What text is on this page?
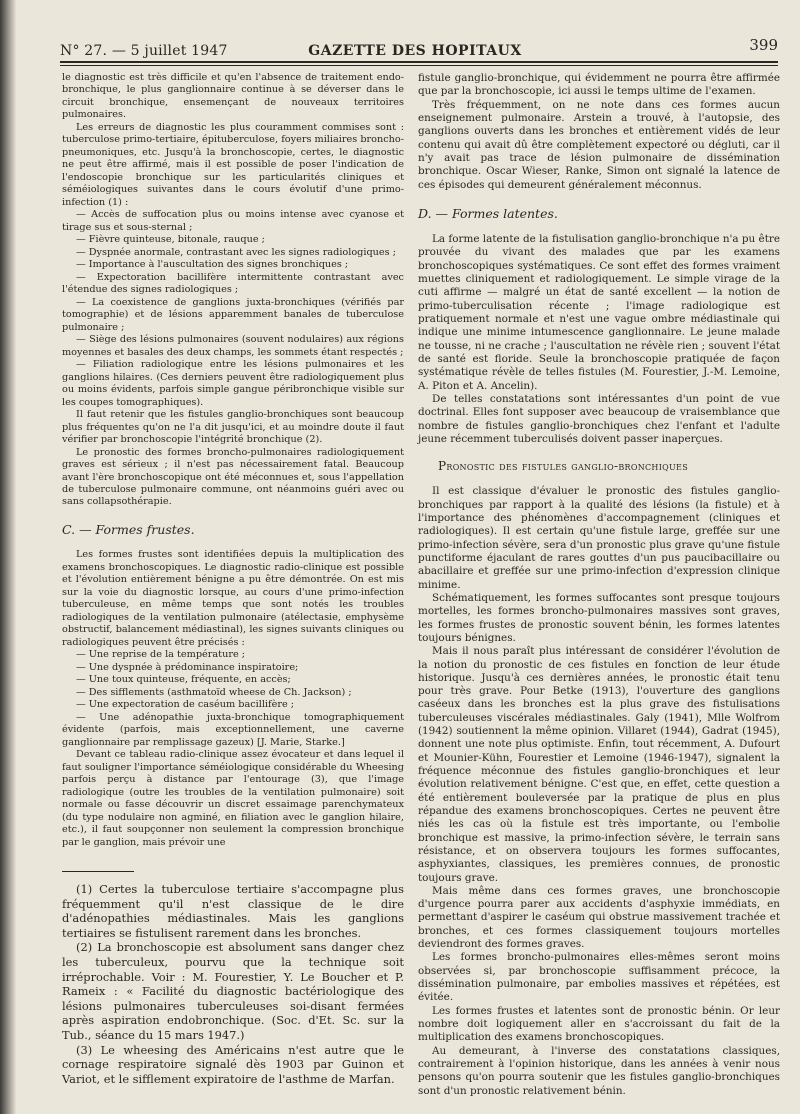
N° 27. — 5 juillet 1947	GAZETTE DES HOPITAUX	399

le diagnostic est très difficile et qu'en l'absence de traitement endo-bronchique, le plus ganglionnaire continue à se déverser dans le circuit bronchique, ensemençant de nouveaux territoires pulmonaires.

Les erreurs de diagnostic les plus couramment commises sont : tuberculose primo-tertiaire, épituberculose, foyers miliaires broncho-pneumoniques, etc. Jusqu'à la bronchoscopie, certes, le diagnostic ne peut être affirmé, mais il est possible de poser l'indication de l'endoscopie bronchique sur les particularités cliniques et séméiologiques suivantes dans le cours évolutif d'une primo-infection (1) :

— Accès de suffocation plus ou moins intense avec cyanose et tirage sus et sous-sternal ;

— Fièvre quinteuse, bitonale, rauque ;

— Dyspnée anormale, contrastant avec les signes radiologiques ;

— Importance à l'auscultation des signes bronchiques ;

— Expectoration bacillifère intermittente contrastant avec l'étendue des signes radiologiques ;

— La coexistence de ganglions juxta-bronchiques (vérifiés par tomographie) et de lésions apparemment banales de tuberculose pulmonaire ;

— Siège des lésions pulmonaires (souvent nodulaires) aux régions moyennes et basales des deux champs, les sommets étant respectés ;

— Filiation radiologique entre les lésions pulmonaires et les ganglions hilaires. (Ces derniers peuvent être radiologiquement plus ou moins évidents, parfois simple gangue péribronchique visible sur les coupes tomographiques).

Il faut retenir que les fistules ganglio-bronchiques sont beaucoup plus fréquentes qu'on ne l'a dit jusqu'ici, et au moindre doute il faut vérifier par bronchoscopie l'intégrité bronchique (2).

Le pronostic des formes broncho-pulmonaires radiologiquement graves est sérieux ; il n'est pas nécessairement fatal. Beaucoup avant l'ère bronchoscopique ont été méconnues et, sous l'appellation de tuberculose pulmonaire commune, ont néanmoins guéri avec ou sans collapsothérapie.

C. — Formes frustes.

Les formes frustes sont identifiées depuis la multiplication des examens bronchoscopiques. Le diagnostic radio-clinique est possible et l'évolution entièrement bénigne a pu être démontrée. On est mis sur la voie du diagnostic lorsque, au cours d'une primo-infection tuberculeuse, en même temps que sont notés les troubles radiologiques de la ventilation pulmonaire (atélectasie, emphysème obstructif, balancement médiastinal), les signes suivants cliniques ou radiologiques peuvent être précisés :

— Une reprise de la température ;

— Une dyspnée à prédominance inspiratoire;

— Une toux quinteuse, fréquente, en accès;

— Des sifflements (asthmatoïd wheese de Ch. Jackson) ;

— Une expectoration de caséum bacillifère ;

— Une adénopathie juxta-bronchique tomographiquement évidente (parfois, mais exceptionnellement, une caverne ganglionnaire par remplissage gazeux) [J. Marie, Starke.]

Devant ce tableau radio-clinique assez évocateur et dans lequel il faut souligner l'importance séméiologique considérable du Wheesing parfois perçu à distance par l'entourage (3), que l'image radiologique (outre les troubles de la ventilation pulmonaire) soit normale ou fasse découvrir un discret essaimage parenchymateux (du type nodulaire non agminé, en filiation avec le ganglion hilaire, etc.), il faut soupçonner non seulement la compression bronchique par le ganglion, mais prévoir une

(1) Certes la tuberculose tertiaire s'accompagne plus fréquemment qu'il n'est classique de le dire d'adénopathies médiastinales. Mais les ganglions tertiaires se fistulisent rarement dans les bronches.

(2) La bronchoscopie est absolument sans danger chez les tuberculeux, pourvu que la technique soit irréprochable. Voir : M. Fourestier, Y. Le Boucher et P. Rameix : « Facilité du diagnostic bactériologique des lésions pulmonaires tuberculeuses soi-disant fermées après aspiration endobronchique. (Soc. d'Et. Sc. sur la Tub., séance du 15 mars 1947.)

(3) Le wheesing des Américains n'est autre que le cornage respiratoire signalé dès 1903 par Guinon et Variot, et le sifflement expiratoire de l'asthme de Marfan.

fistule ganglio-bronchique, qui évidemment ne pourra être affirmée que par la bronchoscopie, ici aussi le temps ultime de l'examen.

Très fréquemment, on ne note dans ces formes aucun enseignement pulmonaire. Arstein a trouvé, à l'autopsie, des ganglions ouverts dans les bronches et entièrement vidés de leur contenu qui avait dû être complètement expectoré ou dégluti, car il n'y avait pas trace de lésion pulmonaire de dissémination bronchique. Oscar Wieser, Ranke, Simon ont signalé la latence de ces épisodes qui demeurent généralement méconnus.

D. — Formes latentes.

La forme latente de la fistulisation ganglio-bronchique n'a pu être prouvée du vivant des malades que par les examens bronchoscopiques systématiques. Ce sont effet des formes vraiment muettes cliniquement et radiologiquement. Le simple virage de la cuti affirme — malgré un état de santé excellent — la notion de primo-tuberculisation récente ; l'image radiologique est pratiquement normale et n'est une vague ombre médiastinale qui indique une minime intumescence ganglionnaire. Le jeune malade ne tousse, ni ne crache ; l'auscultation ne révèle rien ; souvent l'état de santé est floride. Seule la bronchoscopie pratiquée de façon systématique révèle de telles fistules (M. Fourestier, J.-M. Lemoine, A. Piton et A. Ancelin).

De telles constatations sont intéressantes d'un point de vue doctrinal. Elles font supposer avec beaucoup de vraisemblance que nombre de fistules ganglio-bronchiques chez l'enfant et l'adulte jeune récemment tuberculisés doivent passer inaperçues.

Pronostic des fistules ganglio-bronchiques

Il est classique d'évaluer le pronostic des fistules ganglio-bronchiques par rapport à la qualité des lésions (la fistule) et à l'importance des phénomènes d'accompagnement (cliniques et radiologiques). Il est certain qu'une fistule large, greffée sur une primo-infection sévère, sera d'un pronostic plus grave qu'une fistule punctiforme éjaculant de rares gouttes d'un pus paucibacillaire ou abacillaire et greffée sur une primo-infection d'expression clinique minime.

Schématiquement, les formes suffocantes sont presque toujours mortelles, les formes broncho-pulmonaires massives sont graves, les formes frustes de pronostic souvent bénin, les formes latentes toujours bénignes.

Mais il nous paraît plus intéressant de considérer l'évolution de la notion du pronostic de ces fistules en fonction de leur étude historique. Jusqu'à ces dernières années, le pronostic était tenu pour très grave. Pour Betke (1913), l'ouverture des ganglions caséeux dans les bronches est la plus grave des fistulisations tuberculeuses viscérales médiastinales. Galy (1941), Mlle Wolfrom (1942) soutiennent la même opinion. Villaret (1944), Gadrat (1945), donnent une note plus optimiste. Enfin, tout récemment, A. Dufourt et Mounier-Kühn, Fourestier et Lemoine (1946-1947), signalent la fréquence méconnue des fistules ganglio-bronchiques et leur évolution relativement bénigne. C'est que, en effet, cette question a été entièrement bouleversée par la pratique de plus en plus répandue des examens bronchoscopiques. Certes ne peuvent être niés les cas où la fistule est très importante, ou l'embolie bronchique est massive, la primo-infection sévère, le terrain sans résistance, et on observera toujours les formes suffocantes, asphyxiantes, classiques, les premières connues, de pronostic toujours grave.

Mais même dans ces formes graves, une bronchoscopie d'urgence pourra parer aux accidents d'asphyxie immédiats, en permettant d'aspirer le caséum qui obstrue massivement trachée et bronches, et ces formes classiquement toujours mortelles deviendront des formes graves.

Les formes broncho-pulmonaires elles-mêmes seront moins observées si, par bronchoscopie suffisamment précoce, la dissémination pulmonaire, par embolies massives et répétées, est évitée.

Les formes frustes et latentes sont de pronostic bénin. Or leur nombre doit logiquement aller en s'accroissant du fait de la multiplication des examens bronchoscopiques.

Au demeurant, à l'inverse des constatations classiques, contrairement à l'opinion historique, dans les années à venir nous pensons qu'on pourra soutenir que les fistules ganglio-bronchiques sont d'un pronostic relativement bénin.
